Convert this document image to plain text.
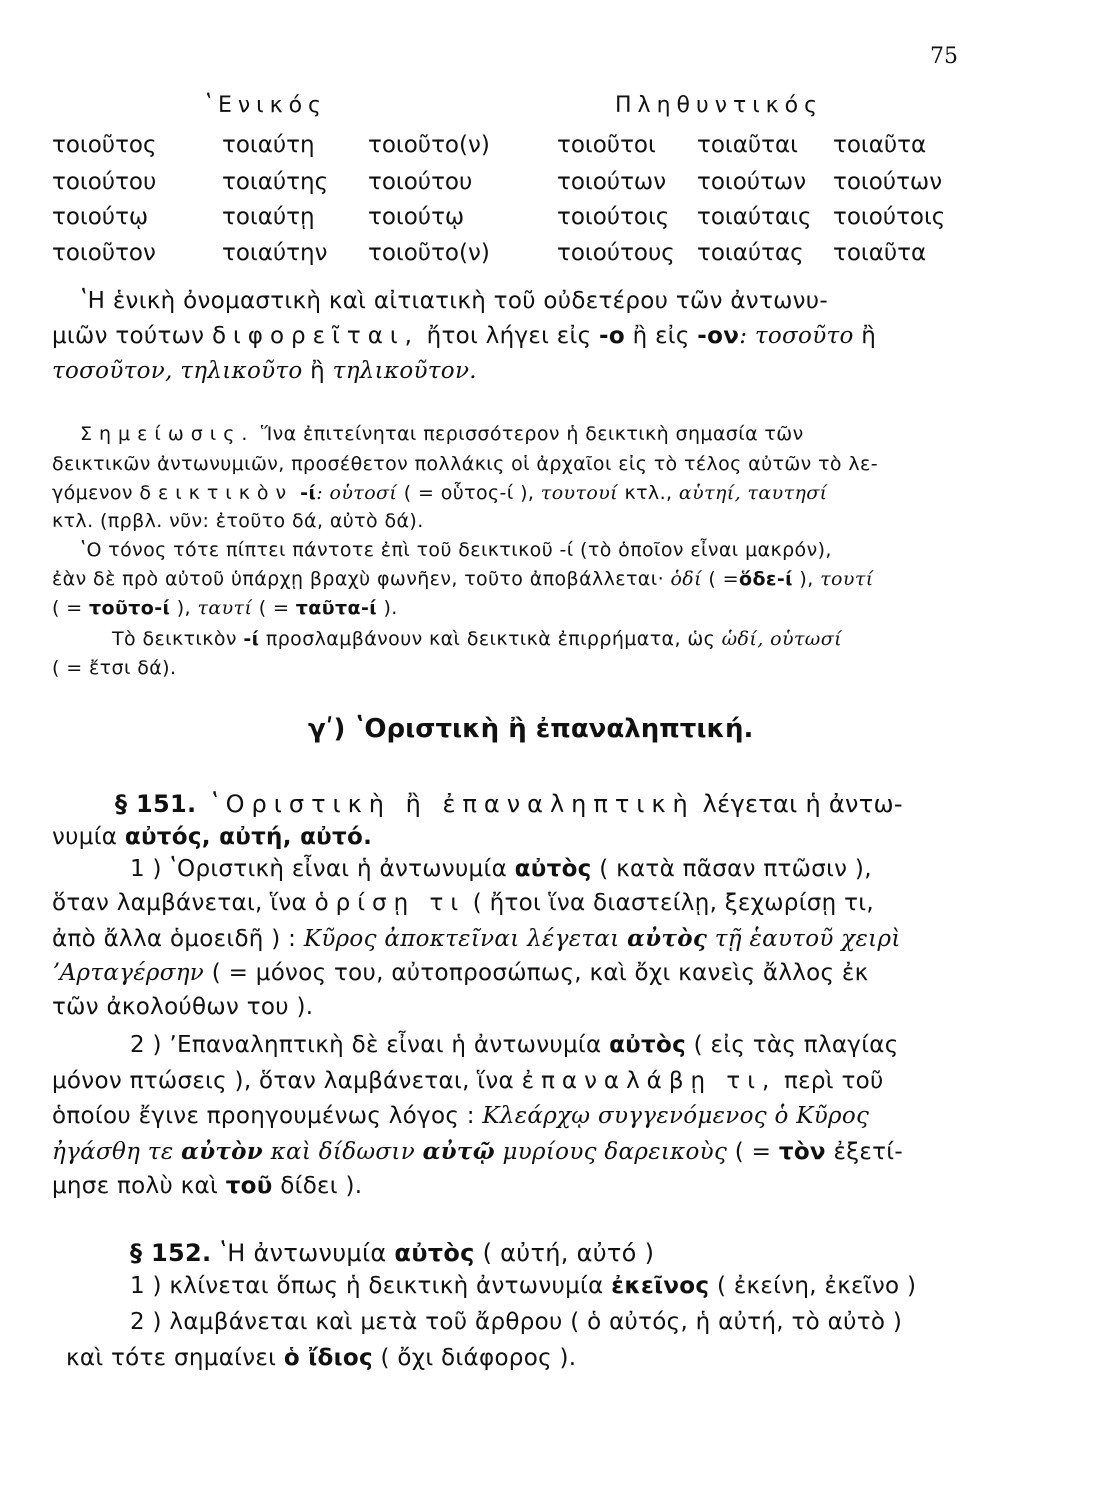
75
ʽΕνικός	Πληθυντικός
τοιοῦτος	τοιαύτη τοιοῦτο(ν)	τοιοῦτοι τοιαῦται τοιαῦτα
τοιούτου	τοιαύτης τοιούτου	τοιούτων τοιούτων τοιούτων
τοιούτῳ	τοιαύτῃ τοιούτῳ	τοιούτοις τοιαύταις τοιούτοις
τοιοῦτον	τοιαύτην τοιοῦτο(ν)	τοιούτους τοιαύτας τοιαῦτα
ʽΗ ἑνικὴ ὀνομαστικὴ καὶ αἰτιατικὴ τοῦ οὐδετέρου τῶν ἀντωνυ-
μιῶν τούτων διφορεῖται, ἤτοι λήγει εἰς -ο ἢ εἰς -ον: τοσοῦτο ἢ
τοσοῦτον, τηλικοῦτο ἢ τηλικοῦτον.
Σημείωσις. Ἵνα ἐπιτείνηται περισσότερον ἡ δεικτικὴ σημασία τῶν
δεικτικῶν ἀντωνυμιῶν, προσέθετον πολλάκις οἱ ἀρχαῖοι εἰς τὸ τέλος αὐτῶν τὸ λε-
γόμενον δεικτικὸν -ί: οὑτοσί ( = οὗτος-ί ), τουτουί κτλ., αὑτηί, ταυτησί
κτλ. (πρβλ. νῦν: ἐτοῦτο δά, αὐτὸ δά).
ʽΟ τόνος τότε πίπτει πάντοτε ἐπὶ τοῦ δεικτικοῦ -ί (τὸ ὁποῖον εἶναι μακρόν),
ἐὰν δὲ πρὸ αὐτοῦ ὑπάρχῃ βραχὺ φωνῆεν, τοῦτο ἀποβάλλεται· ὁδί ( =ὅδε-ί ), τουτί
( = τοῦτο-ί ), ταυτί ( = ταῦτα-ί ).
Τὸ δεικτικὸν -ί προσλαμβάνουν καὶ δεικτικὰ ἐπιρρήματα, ὡς ὡδί, οὑτωσί
( = ἔτσι δά).
γʹ) ʽΟριστικὴ ἢ ἐπαναληπτική.
§ 151. ʽΟριστικὴ ἢ ἐπαναληπτικὴ λέγεται ἡ ἀντω-
νυμία αὐτός, αὐτή, αὐτό.
1 ) ʽΟριστικὴ εἶναι ἡ ἀντωνυμία αὐτὸς ( κατὰ πᾶσαν πτῶσιν ),
ὅταν λαμβάνεται, ἵνα ὁρίσῃ τι ( ἤτοι ἵνα διαστείλῃ, ξεχωρίσῃ τι,
ἀπὸ ἄλλα ὁμοειδῆ ) : Κῦρος ἀποκτεῖναι λέγεται αὐτὸς τῇ ἑαυτοῦ χειρὶ
ʼΑρταγέρσην ( = μόνος του, αὐτοπροσώπως, καὶ ὄχι κανεὶς ἄλλος ἐκ
τῶν ἀκολούθων του ).
2 ) ʼΕπαναληπτικὴ δὲ εἶναι ἡ ἀντωνυμία αὐτὸς ( εἰς τὰς πλαγίας
μόνον πτώσεις ), ὅταν λαμβάνεται, ἵνα ἐπαναλάβῃ τι, περὶ τοῦ
ὁποίου ἔγινε προηγουμένως λόγος : Κλεάρχῳ συγγενόμενος ὁ Κῦρος
ἠγάσθη τε αὐτὸν καὶ δίδωσιν αὐτῷ μυρίους δαρεικοὺς ( = τὸν ἐξετί-
μησε πολὺ καὶ τοῦ δίδει ).
§ 152. ʽΗ ἀντωνυμία αὐτὸς ( αὐτή, αὐτό )
1 ) κλίνεται ὅπως ἡ δεικτικὴ ἀντωνυμία ἐκεῖνος ( ἐκείνη, ἐκεῖνο )
2 ) λαμβάνεται καὶ μετὰ τοῦ ἄρθρου ( ὁ αὐτός, ἡ αὐτή, τὸ αὐτὸ )
καὶ τότε σημαίνει ὁ ἴδιος ( ὄχι διάφορος ).
